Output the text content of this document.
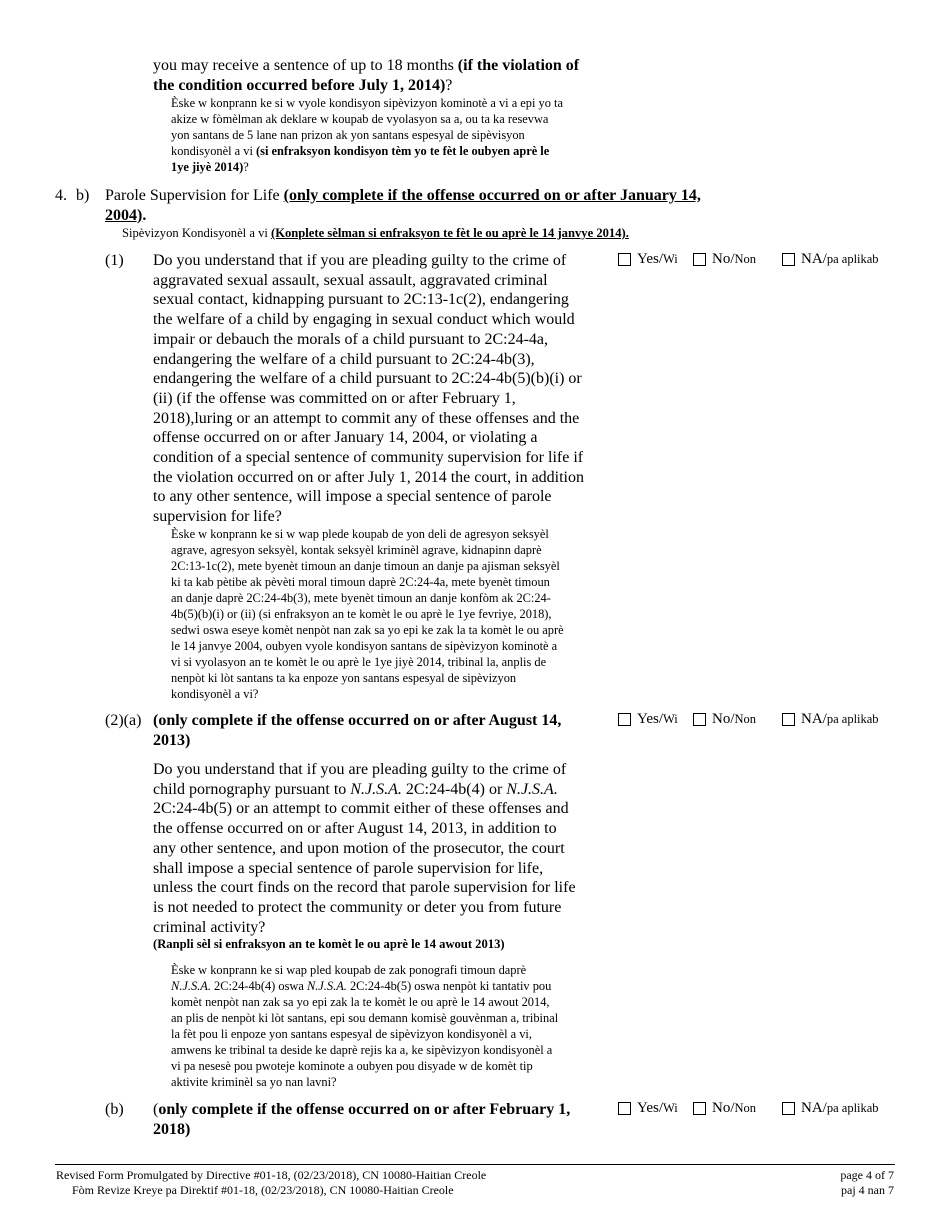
you may receive a sentence of up to 18 months (if the violation of
the condition occurred before July 1, 2014)?
Èske w konprann ke si w vyole kondisyon sipèvizyon kominotè a vi a epi yo ta
akize w fòmèlman ak deklare w koupab de vyolasyon sa a, ou ta ka resevwa
yon santans de 5 lane nan prizon ak yon santans espesyal de sipèvisyon
kondisyonèl a vi (si enfraksyon kondisyon tèm yo te fèt le oubyen aprè le
1ye jiyè 2014)?
4. b) Parole Supervision for Life (only complete if the offense occurred on or after January 14,
2004).
Sipèvizyon Kondisyonèl a vi (Konplete sèlman si enfraksyon te fèt le ou aprè le 14 janvye 2014).
(1) Do you understand that if you are pleading guilty to the crime of
aggravated sexual assault, sexual assault, aggravated criminal
sexual contact, kidnapping pursuant to 2C:13-1c(2), endangering
the welfare of a child by engaging in sexual conduct which would
impair or debauch the morals of a child pursuant to 2C:24-4a,
endangering the welfare of a child pursuant to 2C:24-4b(3),
endangering the welfare of a child pursuant to 2C:24-4b(5)(b)(i) or
(ii) (if the offense was committed on or after February 1,
2018),luring or an attempt to commit any of these offenses and the
offense occurred on or after January 14, 2004, or violating a
condition of a special sentence of community supervision for life if
the violation occurred on or after July 1, 2014 the court, in addition
to any other sentence, will impose a special sentence of parole
supervision for life?
Èske w konprann ke si w wap plede koupab de yon deli de agresyon seksyèl
agrave, agresyon seksyèl, kontak seksyèl kriminèl agrave, kidnapinn daprè
2C:13-1c(2), mete byenèt timoun an danje timoun an danje pa ajisman seksyèl
ki ta kab pètibe ak pèvèti moral timoun daprè 2C:24-4a, mete byenèt timoun
an danje daprè 2C:24-4b(3), mete byenèt timoun an danje konfòm ak 2C:24-
4b(5)(b)(i) or (ii) (si enfraksyon an te komèt le ou aprè le 1ye fevriye, 2018),
sedwi oswa eseye komèt nenpòt nan zak sa yo epi ke zak la ta komèt le ou aprè
le 14 janvye 2004, oubyen vyole kondisyon santans de sipèvizyon kominotè a
vi si vyolasyon an te komèt le ou aprè le 1ye jiyè 2014, tribinal la, anplis de
nenpòt ki lòt santans ta ka enpoze yon santans espesyal de sipèvizyon
kondisyonèl a vi?
Yes/ Wi No/ Non	NA/ pa aplikab
(2)(a) (only complete if the offense occurred on or after August 14,
2013)
Yes/ Wi No/ Non	NA/ pa aplikab
Do you understand that if you are pleading guilty to the crime of
child pornography pursuant to N.J.S.A. 2C:24-4b(4) or N.J.S.A.
2C:24-4b(5) or an attempt to commit either of these offenses and
the offense occurred on or after August 14, 2013, in addition to
any other sentence, and upon motion of the prosecutor, the court
shall impose a special sentence of parole supervision for life,
unless the court finds on the record that parole supervision for life
is not needed to protect the community or deter you from future
criminal activity?
(Ranpli sèl si enfraksyon an te komèt le ou aprè le 14 awout 2013)
Èske w konprann ke si wap pled koupab de zak ponografi timoun daprè
N.J.S.A. 2C:24-4b(4) oswa N.J.S.A. 2C:24-4b(5) oswa nenpòt ki tantativ pou
komèt nenpòt nan zak sa yo epi zak la te komèt le ou aprè le 14 awout 2014,
an plis de nenpòt ki lòt santans, epi sou demann komisè gouvènman a, tribinal
la fèt pou li enpoze yon santans espesyal de sipèvizyon kondisyonèl a vi,
amwens ke tribinal ta deside ke daprè rejis ka a, ke sipèvizyon kondisyonèl a
vi pa nesesè pou pwoteje kominote a oubyen pou disyade w de komèt tip
aktivite kriminèl sa yo nan lavni?
(b) (only complete if the offense occurred on or after February 1,
2018)
Yes/ Wi No/ Non	NA/ pa aplikab
Revised Form Promulgated by Directive #01-18, (02/23/2018), CN 10080-Haitian Creole
Fòm Revize Kreye pa Direktif #01-18, (02/23/2018), CN 10080-Haitian Creole
page 4 of 7
paj 4 nan 7
